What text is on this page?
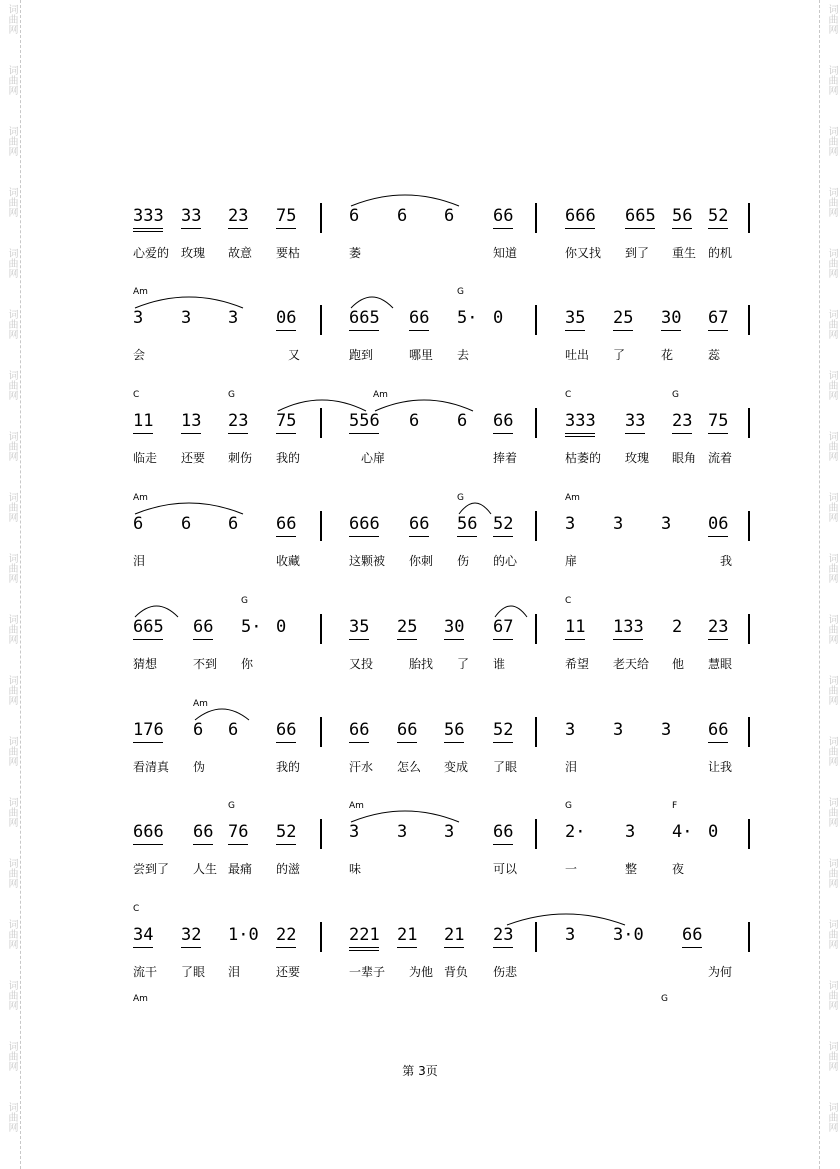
词曲网
词曲网
词曲网
词曲网
词曲网
词曲网
词曲网
词曲网
词曲网
词曲网
词曲网
词曲网
词曲网
词曲网
词曲网
词曲网
词曲网
词曲网
词曲网
词曲网
词曲网
词曲网
词曲网
词曲网
词曲网
词曲网
词曲网
词曲网
词曲网
词曲网
词曲网
词曲网
词曲网
词曲网
词曲网
词曲网
词曲网
词曲网
333 33 23 75	6 6 6 66	666 665 56 52
心爱的 玫瑰 故意 要枯	萎	知道	你又找 到了 重生 的机
Am	G
3 3 3 06	665 66 5· 0	35 25 30 67
会	又	跑到	哪里 去	吐出 了	花	蕊
C	G	Am	C	G
11 13 23 75	556 6 6 66	333 33 23 75
临走 还要 刺伤 我的	心扉	捧着	枯萎的 玫瑰 眼角 流着
Am	G	Am
6 6 6 66	666 66 56 52	3 3 3 06
泪	收藏	这颗被 你刺 伤 的心	扉	我
G	C
665 66 5· 0	35 25 30 67	11 133 2 23
猜想	不到 你	又投	胎找 了 谁	希望 老天给 他 慧眼
Am
176 6 6 66	66 66 56 52	3 3 3 66
看清真 伪	我的	汗水 怎么 变成 了眼	泪	让我
G	Am	G	F
666 66 76 52	3 3 3 66	2· 3 4· 0
尝到了 人生 最痛 的滋	味	可以	一	整	夜
C
34 32 1·0 22	221 21 21 23	3 3·0 66
流干 了眼 泪	还要	一辈子 为他 背负 伤悲	为何
Am	G
第 3页
